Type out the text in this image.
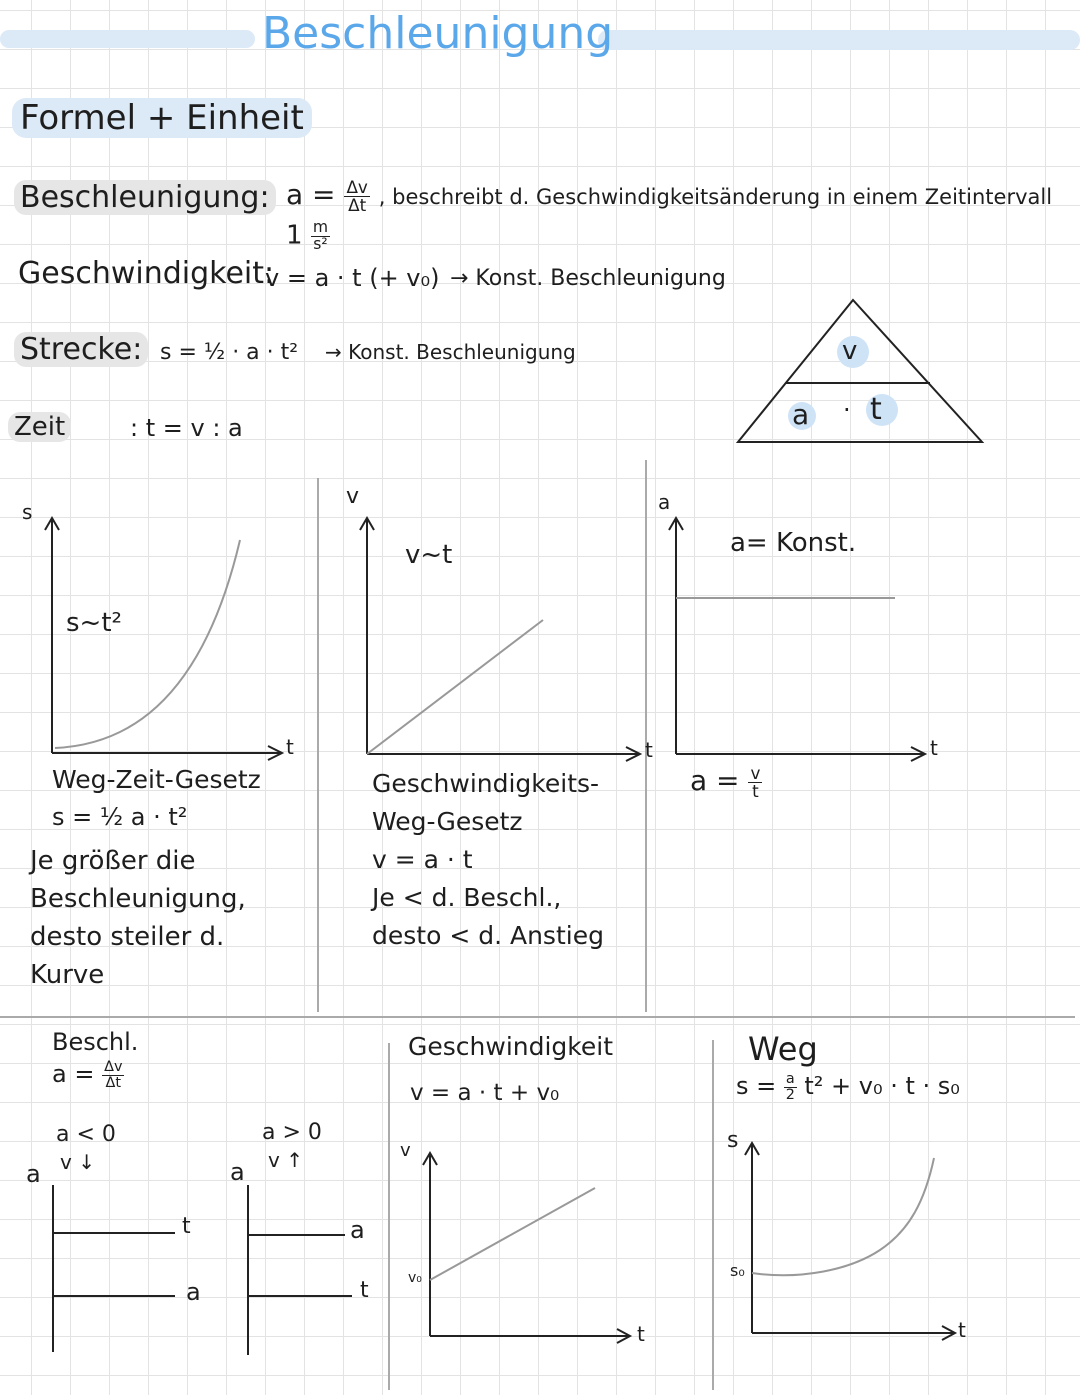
Beschleunigung
Formel + Einheit
Beschleunigung: $a = \frac{\Delta v}{\Delta t}$ , beschreibt d. Geschwindigkeitsänderung in einem Zeitintervall
$1 \frac{m}{\text{s²}}$
Geschwindigkeit:
v = a · t (+ v₀) → Konst. Beschleunigung
Strecke: s = ½ · a · t² → Konst. Beschleunigung
Zeit	: t = v : a
v
a · t
s
t
s~t²
Weg-Zeit-Gesetz
s = ½ a · t²
Je größer die
Beschleunigung,
desto steiler d.
Kurve
v
t
v~t
Geschwindigkeits-
Weg-Gesetz
v = a · t
Je < d. Beschl.,
desto < d. Anstieg
a
t
a= Konst.
$a = \frac{v}{t}$
Beschl.
$a = \frac{\Delta v}{\Delta t}$
a < 0
v ↓
a > 0
v ↑
a	a
t
a
a
t
Geschwindigkeit
v = a · t + v₀
v
t
v₀
Weg
$s = \frac{a}{2} t^2 + v_0 \cdot t \cdot s_0$
s
t
s₀
